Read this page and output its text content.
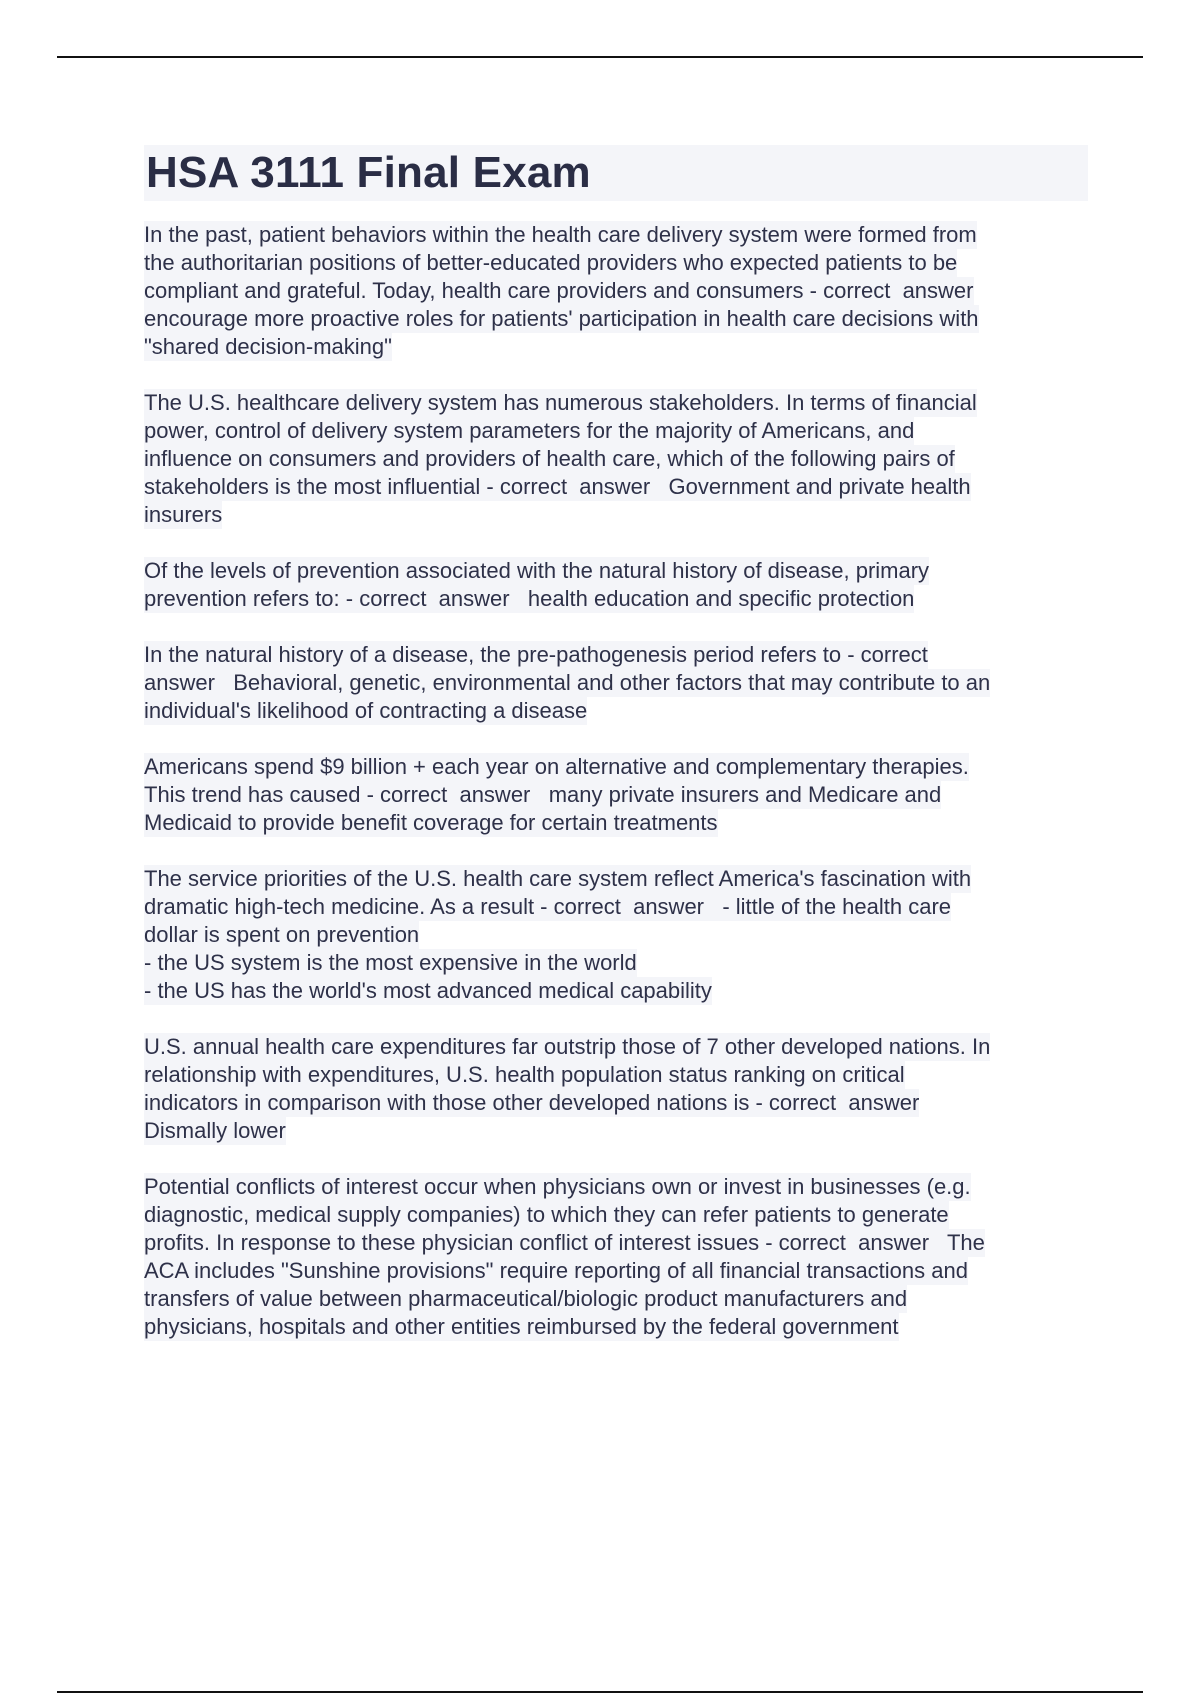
HSA 3111 Final Exam
In the past, patient behaviors within the health care delivery system were formed from
the authoritarian positions of better-educated providers who expected patients to be
compliant and grateful. Today, health care providers and consumers - correct  answer
encourage more proactive roles for patients' participation in health care decisions with
"shared decision-making"
The U.S. healthcare delivery system has numerous stakeholders. In terms of financial
power, control of delivery system parameters for the majority of Americans, and
influence on consumers and providers of health care, which of the following pairs of
stakeholders is the most influential - correct  answer   Government and private health
insurers
Of the levels of prevention associated with the natural history of disease, primary
prevention refers to: - correct  answer   health education and specific protection
In the natural history of a disease, the pre-pathogenesis period refers to - correct
answer   Behavioral, genetic, environmental and other factors that may contribute to an
individual's likelihood of contracting a disease
Americans spend $9 billion + each year on alternative and complementary therapies.
This trend has caused - correct  answer   many private insurers and Medicare and
Medicaid to provide benefit coverage for certain treatments
The service priorities of the U.S. health care system reflect America's fascination with
dramatic high-tech medicine. As a result - correct  answer   - little of the health care
dollar is spent on prevention
- the US system is the most expensive in the world
- the US has the world's most advanced medical capability
U.S. annual health care expenditures far outstrip those of 7 other developed nations. In
relationship with expenditures, U.S. health population status ranking on critical
indicators in comparison with those other developed nations is - correct  answer
Dismally lower
Potential conflicts of interest occur when physicians own or invest in businesses (e.g.
diagnostic, medical supply companies) to which they can refer patients to generate
profits. In response to these physician conflict of interest issues - correct  answer   The
ACA includes "Sunshine provisions" require reporting of all financial transactions and
transfers of value between pharmaceutical/biologic product manufacturers and
physicians, hospitals and other entities reimbursed by the federal government
